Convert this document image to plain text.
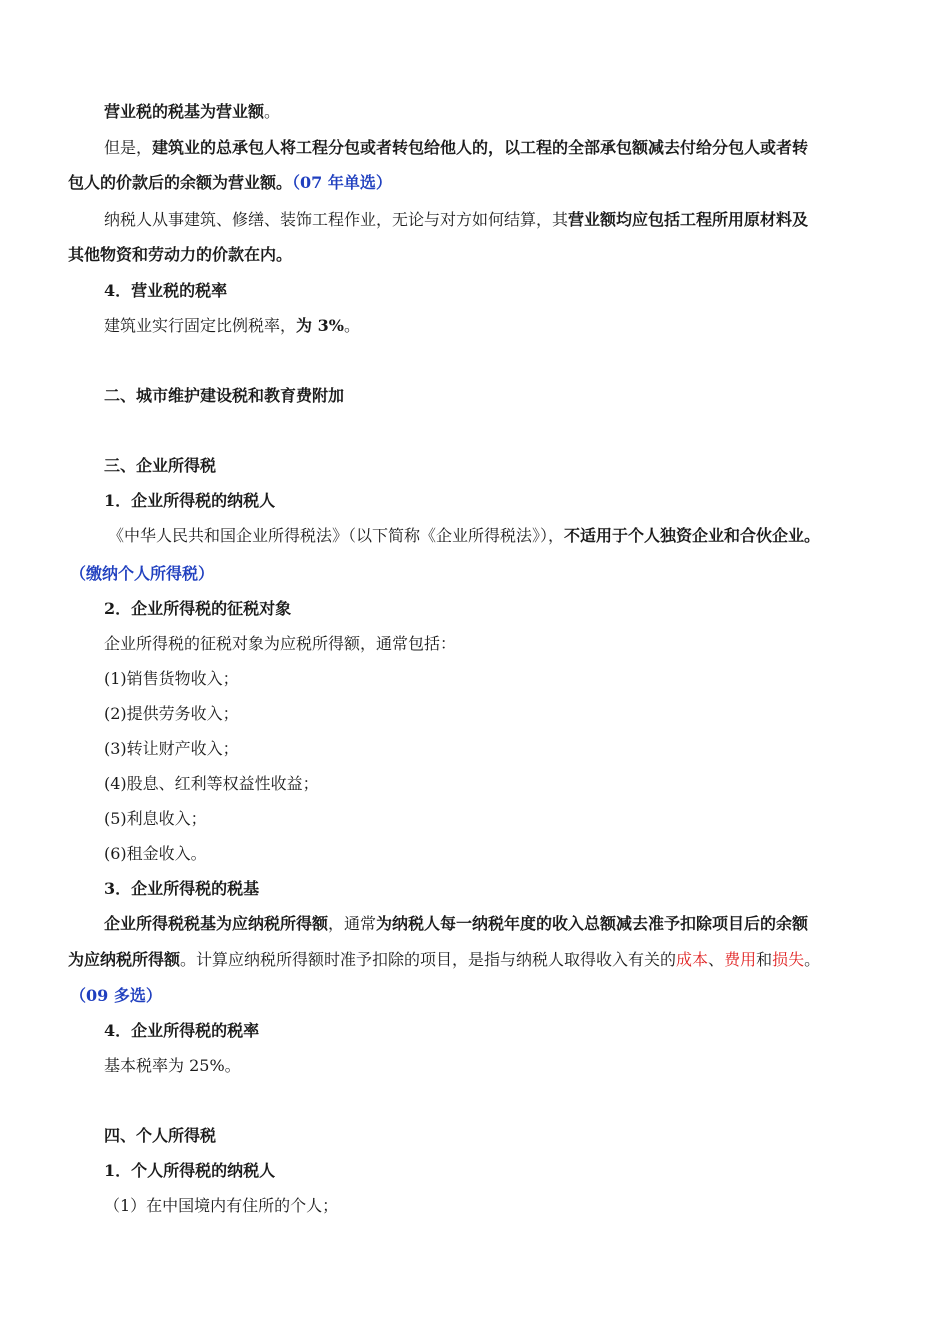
营业税的税基为营业额。
但是，建筑业的总承包人将工程分包或者转包给他人的，以工程的全部承包额减去付给分包人或者转
包人的价款后的余额为营业额。（07 年单选）
纳税人从事建筑、修缮、装饰工程作业，无论与对方如何结算，其营业额均应包括工程所用原材料及
其他物资和劳动力的价款在内。
4．营业税的税率
建筑业实行固定比例税率，为 3%。
二、城市维护建设税和教育费附加
三、企业所得税
1．企业所得税的纳税人
《中华人民共和国企业所得税法》（以下简称《企业所得税法》），不适用于个人独资企业和合伙企业。
（缴纳个人所得税）
2．企业所得税的征税对象
企业所得税的征税对象为应税所得额，通常包括：
(1)销售货物收入；
(2)提供劳务收入；
(3)转让财产收入；
(4)股息、红利等权益性收益；
(5)利息收入；
(6)租金收入。
3．企业所得税的税基
企业所得税税基为应纳税所得额，通常为纳税人每一纳税年度的收入总额减去准予扣除项目后的余额
为应纳税所得额。计算应纳税所得额时准予扣除的项目，是指与纳税人取得收入有关的成本、费用和损失。
（09 多选）
4．企业所得税的税率
基本税率为 25%。
四、个人所得税
1．个人所得税的纳税人
（1）在中国境内有住所的个人；
